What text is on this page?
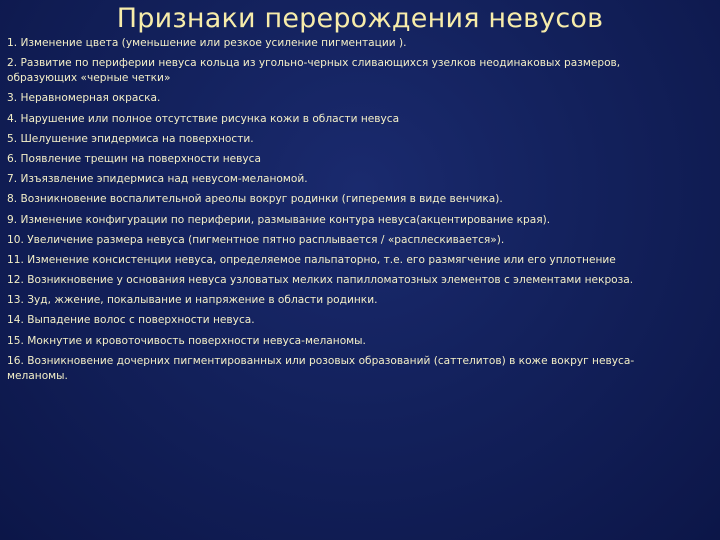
Признаки перерождения невусов
1. Изменение цвета (уменьшение или резкое усиление пигментации ).
2. Развитие по периферии невуса кольца из угольно-черных сливающихся узелков неодинаковых размеров, образующих «черные четки»
3. Неравномерная окраска.
4. Нарушение или полное отсутствие рисунка кожи в области невуса
5. Шелушение эпидермиса на поверхности.
6. Появление трещин на поверхности невуса
7. Изъязвление эпидермиса над невусом-меланомой.
8. Возникновение воспалительной ареолы вокруг родинки (гиперемия в виде венчика).
9. Изменение конфигурации по периферии, размывание контура невуса(акцентирование края).
10. Увеличение размера невуса (пигментное пятно расплывается / «расплескивается»).
11. Изменение консистенции невуса, определяемое пальпаторно, т.е. его размягчение или его уплотнение
12. Возникновение у основания невуса узловатых мелких папилломатозных элементов с элементами некроза.
13. Зуд, жжение, покалывание и напряжение в области родинки.
14. Выпадение волос с поверхности невуса.
15. Мокнутие и кровоточивость поверхности невуса-меланомы.
16. Возникновение дочерних пигментированных или розовых образований (саттелитов) в коже вокруг невуса-меланомы.
